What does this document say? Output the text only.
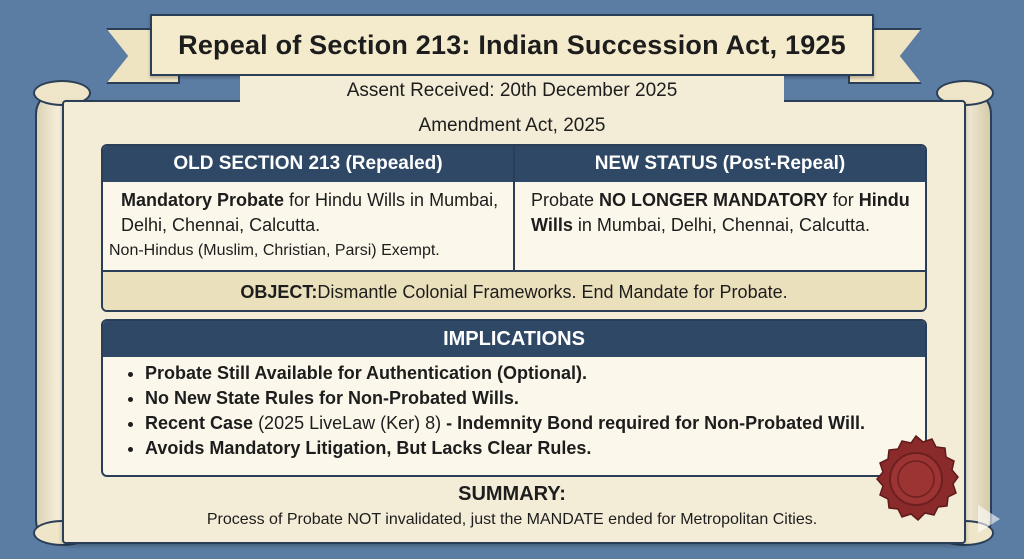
Repeal of Section 213: Indian Succession Act, 1925
Assent Received: 20th December 2025
Amendment Act, 2025
OLD SECTION 213 (Repealed)	NEW STATUS (Post-Repeal)
Mandatory Probate for Hindu Wills in Mumbai, Delhi, Chennai, Calcutta.
Non-Hindus (Muslim, Christian, Parsi) Exempt.
Probate NO LONGER MANDATORY for Hindu Wills in Mumbai, Delhi, Chennai, Calcutta.
OBJECT: Dismantle Colonial Frameworks. End Mandate for Probate.
IMPLICATIONS
• Probate Still Available for Authentication (Optional).
• No New State Rules for Non-Probated Wills.
• Recent Case (2025 LiveLaw (Ker) 8) - Indemnity Bond required for Non-Probated Will.
• Avoids Mandatory Litigation, But Lacks Clear Rules.
SUMMARY:
Process of Probate NOT invalidated, just the MANDATE ended for Metropolitan Cities.
